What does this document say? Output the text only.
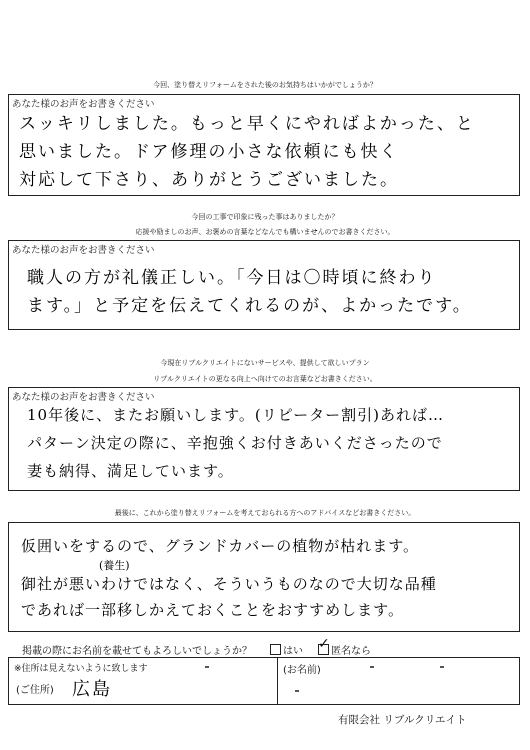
今回、塗り替えリフォームをされた後のお気持ちはいかがでしょうか？
あなた様のお声をお書きください
スッキリしました。もっと早くにやればよかった、と
思いました。ドア修理の小さな依頼にも快く
対応して下さり、ありがとうございました。
今回の工事で印象に残った事はありましたか？
応援や励ましのお声、お褒めの言葉などなんでも構いませんのでお書きください。
あなた様のお声をお書きください
職人の方が礼儀正しい。「今日は〇時頃に終わり
ます。」と予定を伝えてくれるのが、よかったです。
今現在リブルクリエイトにないサービスや、提供して欲しいプラン
リブルクリエイトの更なる向上へ向けてのお言葉などお書きください。
あなた様のお声をお書きください
10年後に、またお願いします。(リピーター割引)あれば…
パターン決定の際に、辛抱強くお付きあいくださったので
妻も納得、満足しています。
最後に、これから塗り替えリフォームを考えておられる方へのアドバイスなどお書きください。
仮囲いをするので、グランドカバーの植物が枯れます。
(養生)
御社が悪いわけではなく、そういうものなので大切な品種
であれば一部移しかえておくことをおすすめします。
掲載の際にお名前を載せてもよろしいでしょうか？	はい ✓ 匿名なら
※住所は見えないように致します
(ご住所) 広島
(お名前)
有限会社 リブルクリエイト
